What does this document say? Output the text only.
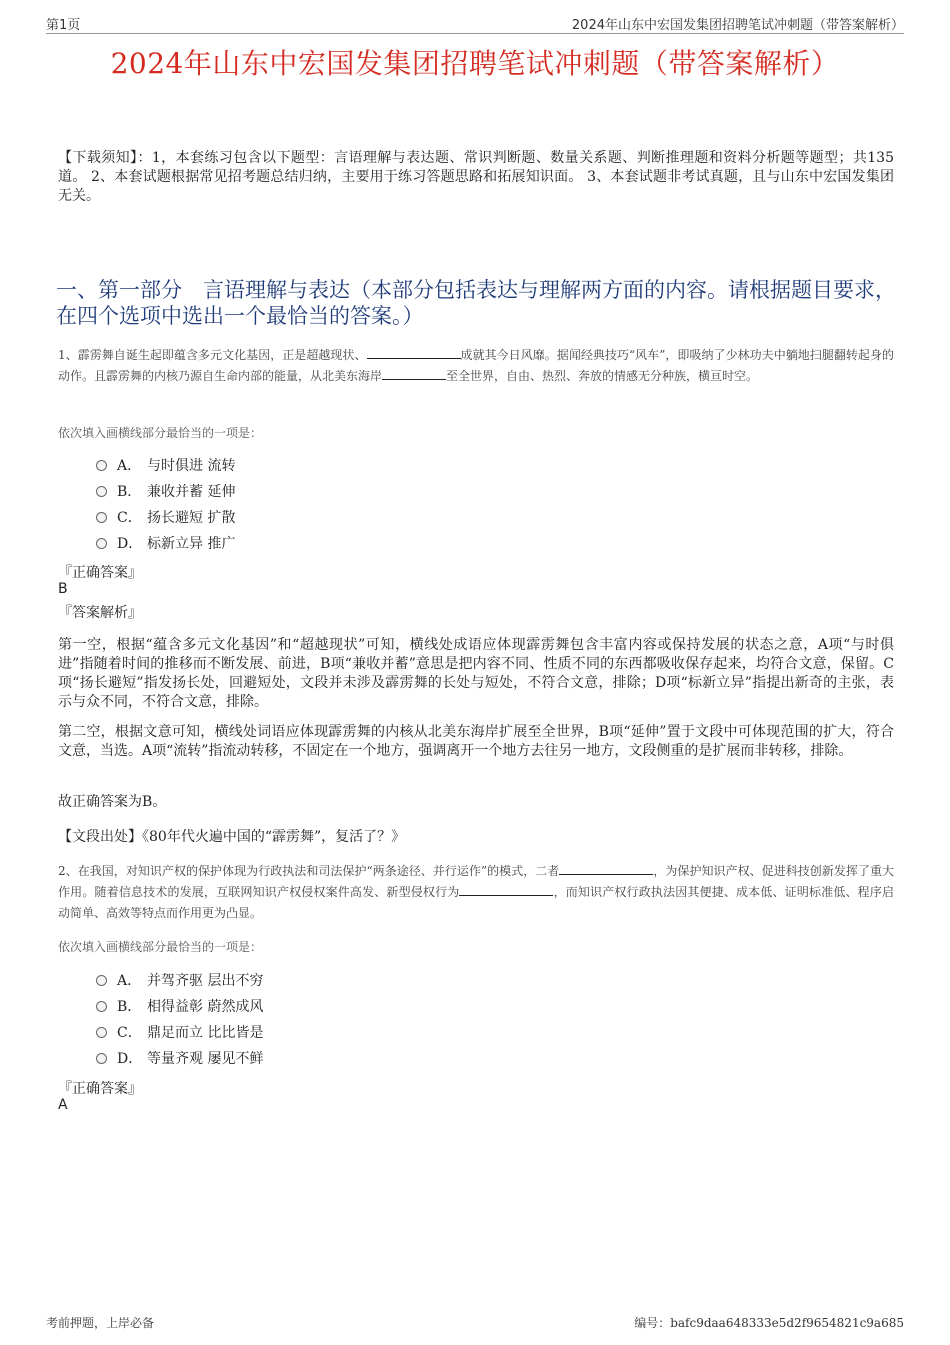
第1页	2024年山东中宏国发集团招聘笔试冲刺题（带答案解析）
2024年山东中宏国发集团招聘笔试冲刺题（带答案解析）
【下载须知】：1，本套练习包含以下题型：言语理解与表达题、常识判断题、数量关系题、判断推理题和资料分析题等题型；共135道。 2、本套试题根据常见招考题总结归纳，主要用于练习答题思路和拓展知识面。 3、本套试题非考试真题，且与山东中宏国发集团无关。
一、第一部分　言语理解与表达（本部分包括表达与理解两方面的内容。请根据题目要求，在四个选项中选出一个最恰当的答案。）
1、霹雳舞自诞生起即蕴含多元文化基因，正是超越现状、	成就其今日风靡。据闻经典技巧“风车”，即吸纳了少林功夫中躺地扫腿翻转起身的动作。且霹雳舞的内核乃源自生命内部的能量，从北美东海岸	至全世界，自由、热烈、奔放的情感无分种族，横亘时空。
依次填入画横线部分最恰当的一项是：
A． 与时俱进 流转
B． 兼收并蓄 延伸
C． 扬长避短 扩散
D． 标新立异 推广
『正确答案』
B
『答案解析』
第一空，根据“蕴含多元文化基因”和“超越现状”可知，横线处成语应体现霹雳舞包含丰富内容或保持发展的状态之意，A项“与时俱进”指随着时间的推移而不断发展、前进，B项“兼收并蓄”意思是把内容不同、性质不同的东西都吸收保存起来，均符合文意，保留。C项“扬长避短”指发扬长处，回避短处，文段并未涉及霹雳舞的长处与短处，不符合文意，排除；D项“标新立异”指提出新奇的主张，表示与众不同，不符合文意，排除。
第二空，根据文意可知，横线处词语应体现霹雳舞的内核从北美东海岸扩展至全世界，B项“延伸”置于文段中可体现范围的扩大，符合文意，当选。A项“流转”指流动转移，不固定在一个地方，强调离开一个地方去往另一地方，文段侧重的是扩展而非转移，排除。
故正确答案为B。
【文段出处】《80年代火遍中国的“霹雳舞”，复活了？》
2、在我国，对知识产权的保护体现为行政执法和司法保护“两条途径、并行运作”的模式，二者	，为保护知识产权、促进科技创新发挥了重大作用。随着信息技术的发展，互联网知识产权侵权案件高发、新型侵权行为	，而知识产权行政执法因其便捷、成本低、证明标准低、程序启动简单、高效等特点而作用更为凸显。
依次填入画横线部分最恰当的一项是：
A． 并驾齐驱 层出不穷
B． 相得益彰 蔚然成风
C． 鼎足而立 比比皆是
D． 等量齐观 屡见不鲜
『正确答案』
A
考前押题，上岸必备	编号：bafc9daa648333e5d2f9654821c9a685
